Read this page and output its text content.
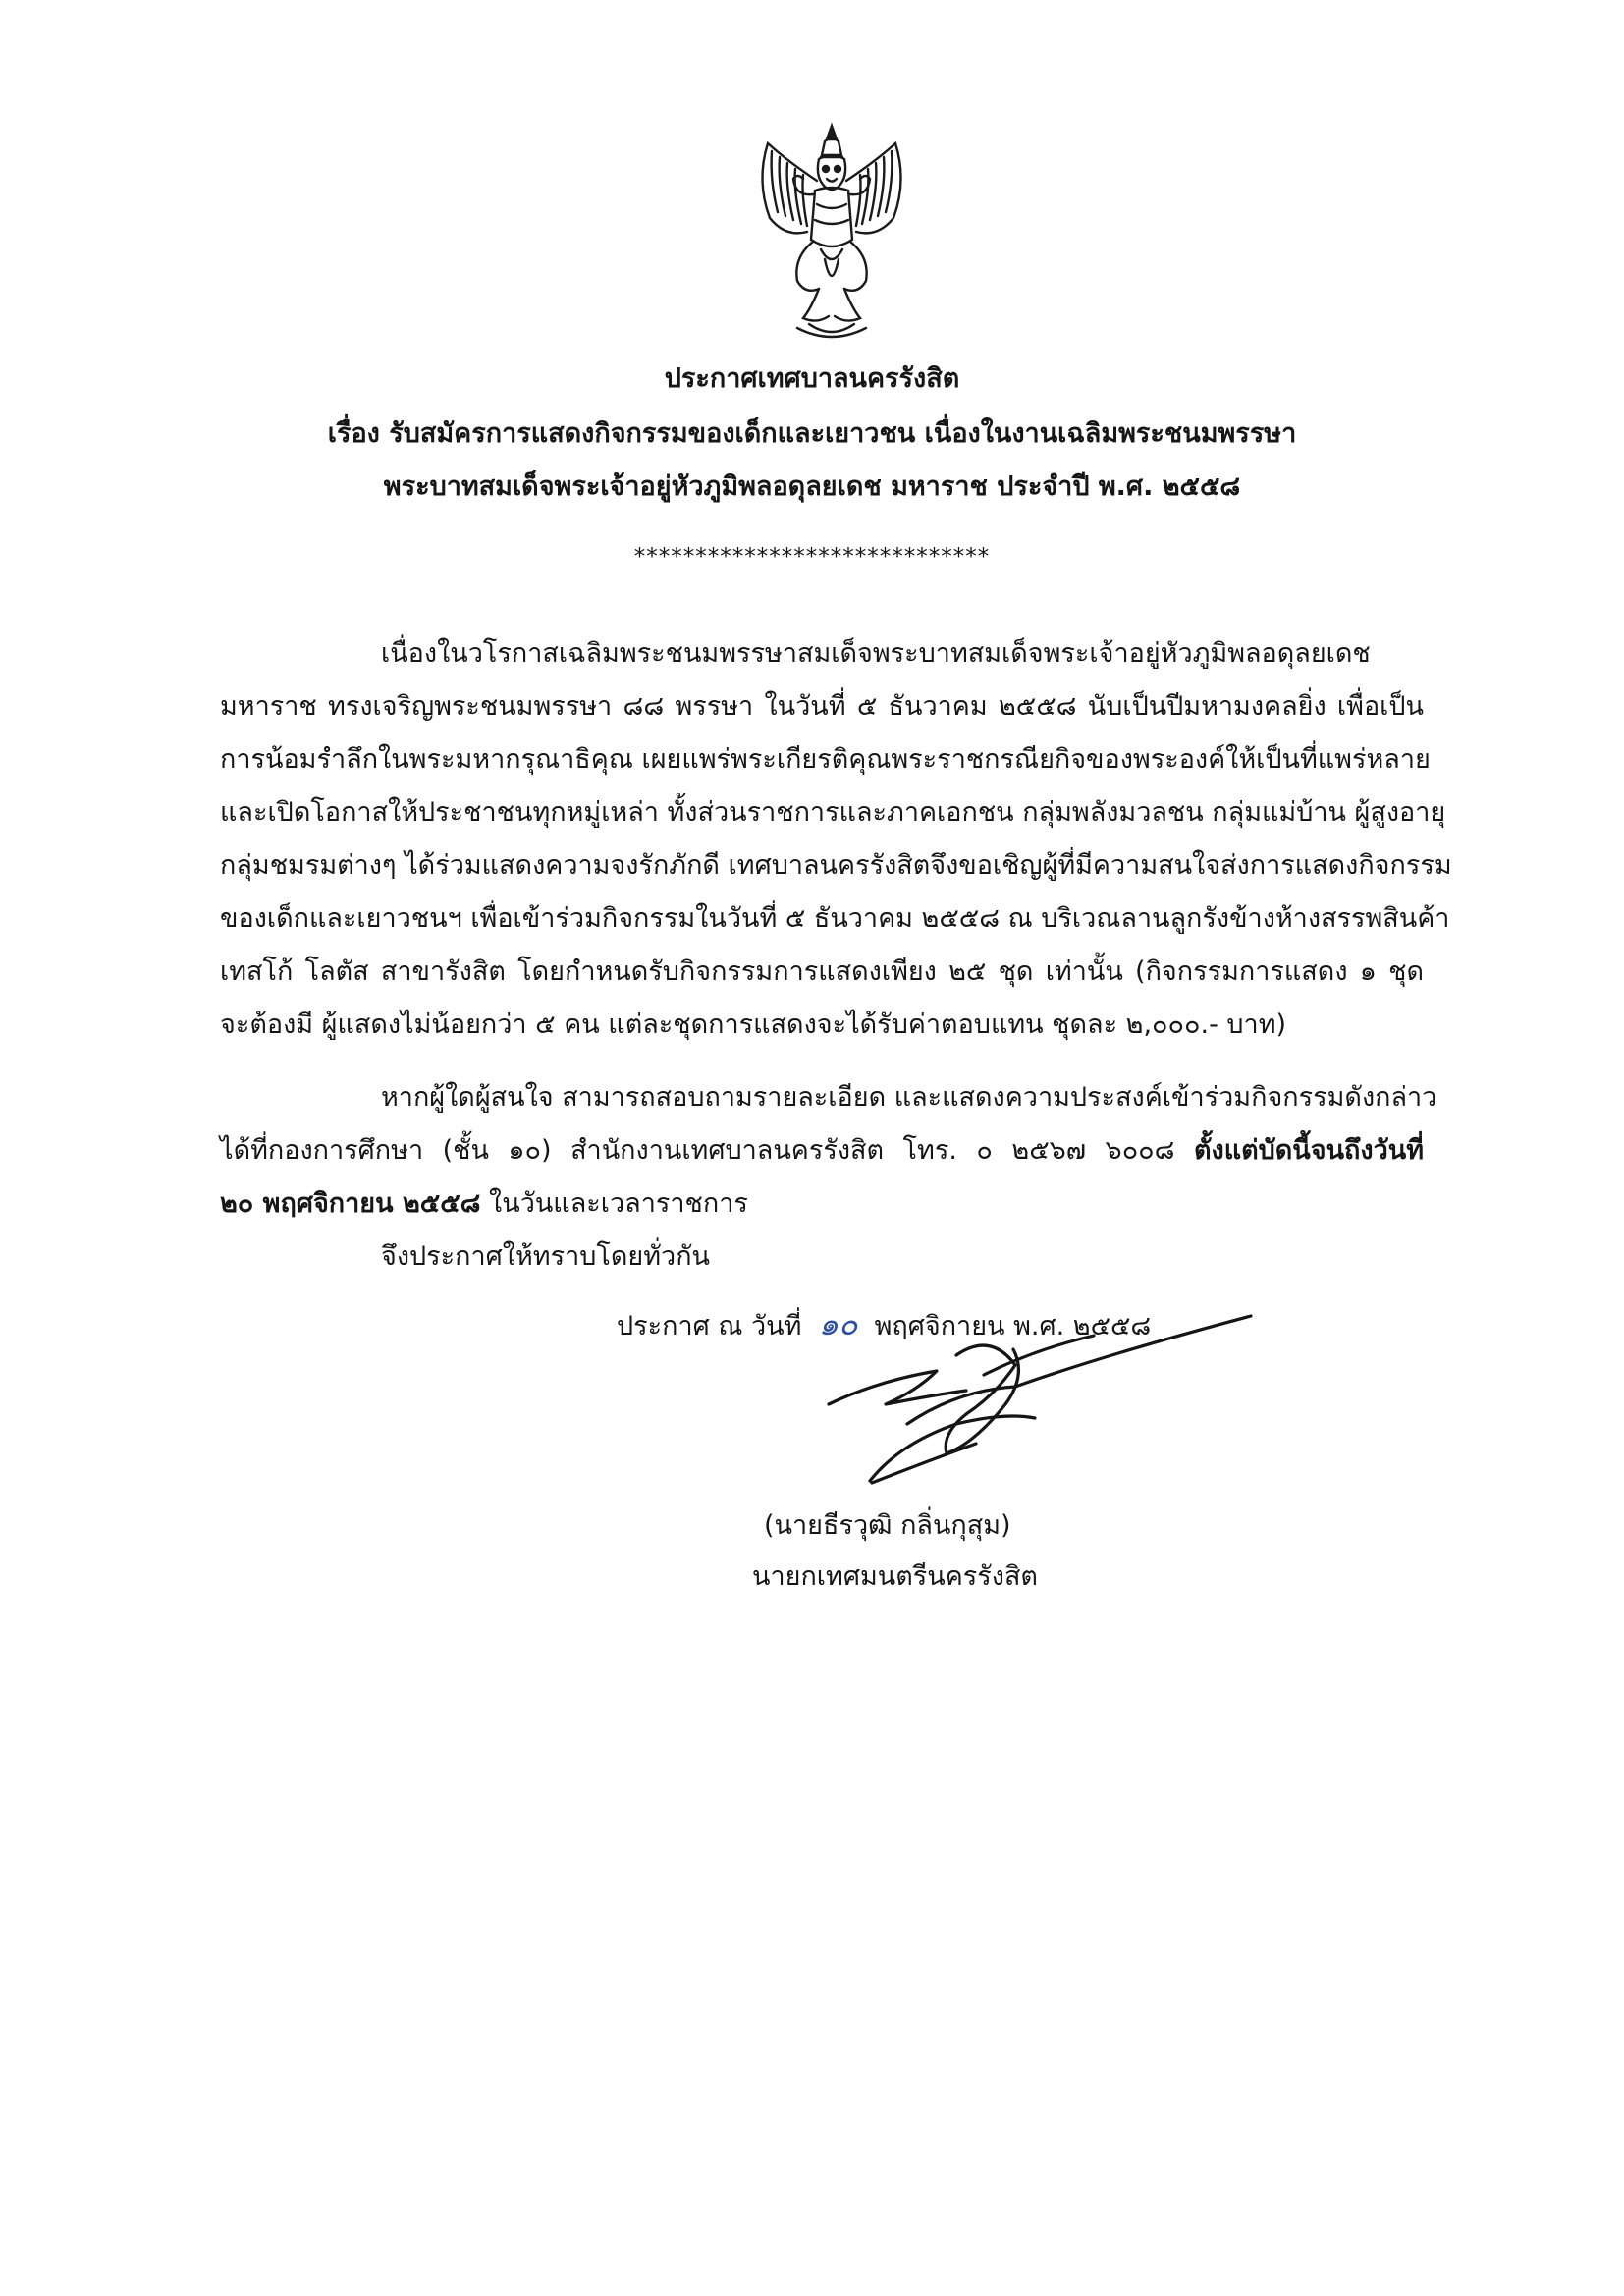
ประกาศเทศบาลนครรังสิต
เรื่อง รับสมัครการแสดงกิจกรรมของเด็กและเยาวชน เนื่องในงานเฉลิมพระชนมพรรษา
พระบาทสมเด็จพระเจ้าอยู่หัวภูมิพลอดุลยเดช มหาราช ประจำปี พ.ศ. ๒๕๕๘
*****************************
เนื่องในวโรกาสเฉลิมพระชนมพรรษาสมเด็จพระบาทสมเด็จพระเจ้าอยู่หัวภูมิพลอดุลยเดช
มหาราช ทรงเจริญพระชนมพรรษา ๘๘ พรรษา ในวันที่ ๕ ธันวาคม ๒๕๕๘ นับเป็นปีมหามงคลยิ่ง เพื่อเป็น
การน้อมรำลึกในพระมหากรุณาธิคุณ เผยแพร่พระเกียรติคุณพระราชกรณียกิจของพระองค์ให้เป็นที่แพร่หลาย
และเปิดโอกาสให้ประชาชนทุกหมู่เหล่า ทั้งส่วนราชการและภาคเอกชน กลุ่มพลังมวลชน กลุ่มแม่บ้าน ผู้สูงอายุ
กลุ่มชมรมต่างๆ ได้ร่วมแสดงความจงรักภักดี เทศบาลนครรังสิตจึงขอเชิญผู้ที่มีความสนใจส่งการแสดงกิจกรรม
ของเด็กและเยาวชนฯ เพื่อเข้าร่วมกิจกรรมในวันที่ ๕ ธันวาคม ๒๕๕๘ ณ บริเวณลานลูกรังข้างห้างสรรพสินค้า
เทสโก้ โลตัส สาขารังสิต โดยกำหนดรับกิจกรรมการแสดงเพียง ๒๕ ชุด เท่านั้น (กิจกรรมการแสดง ๑ ชุด
จะต้องมี ผู้แสดงไม่น้อยกว่า ๕ คน แต่ละชุดการแสดงจะได้รับค่าตอบแทน ชุดละ ๒,๐๐๐.- บาท)
หากผู้ใดผู้สนใจ สามารถสอบถามรายละเอียด และแสดงความประสงค์เข้าร่วมกิจกรรมดังกล่าว
ได้ที่กองการศึกษา (ชั้น ๑๐) สำนักงานเทศบาลนครรังสิต โทร. ๐ ๒๕๖๗ ๖๐๐๘ ตั้งแต่บัดนี้จนถึงวันที่
๒๐ พฤศจิกายน ๒๕๕๘ ในวันและเวลาราชการ
จึงประกาศให้ทราบโดยทั่วกัน
ประกาศ ณ วันที่ ๑๐ พฤศจิกายน พ.ศ. ๒๕๕๘
(นายธีรวุฒิ กลิ่นกุสุม)
นายกเทศมนตรีนครรังสิต
